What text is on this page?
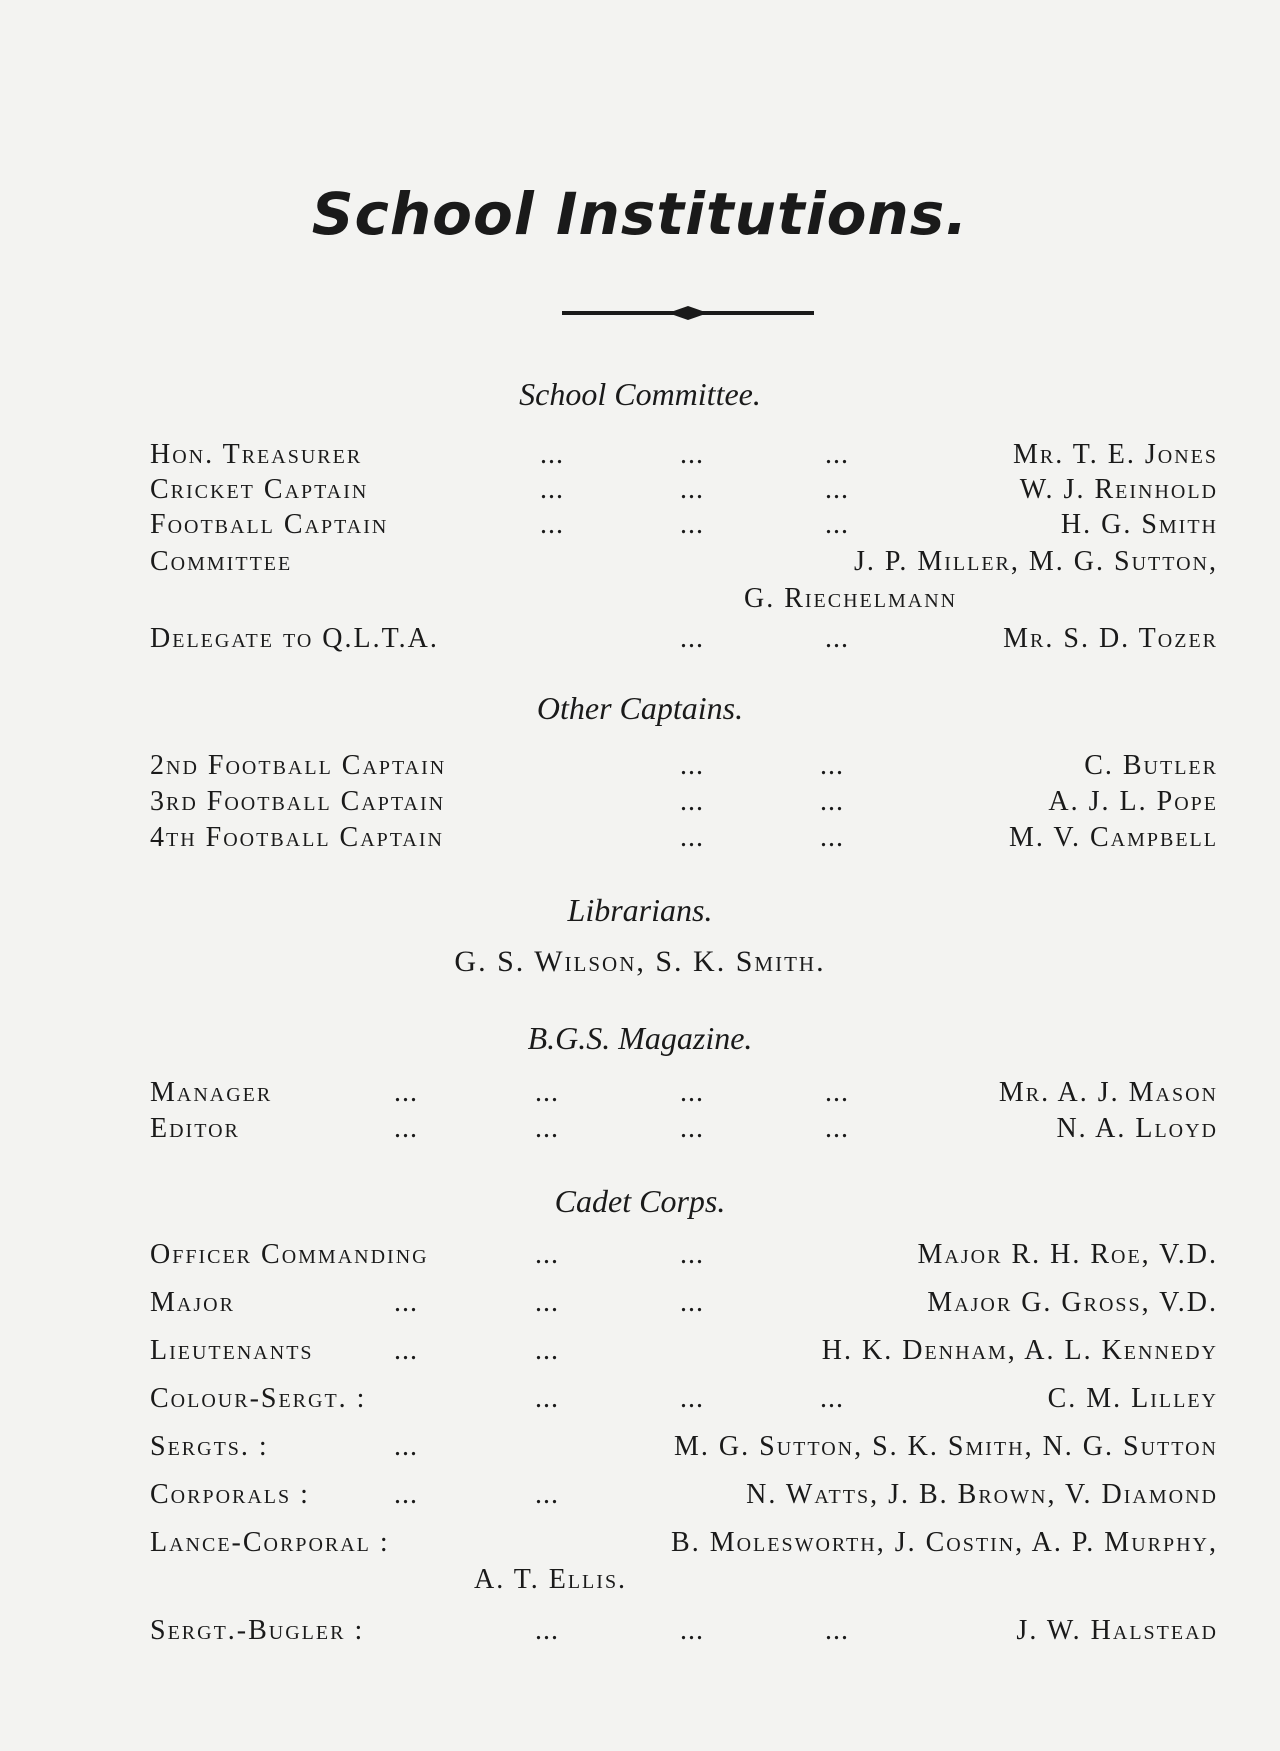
School Institutions.
School Committee.
Hon. Treasurer	...	...	...	Mr. T. E. Jones
Cricket Captain	...	...	...	W. J. Reinhold
Football Captain	...	...	...	H. G. Smith
Committee	J. P. Miller, M. G. Sutton,
G. Riechelmann
Delegate to Q.L.T.A.	...	...	Mr. S. D. Tozer
Other Captains.
2nd Football Captain	...	...	C. Butler
3rd Football Captain	...	...	A. J. L. Pope
4th Football Captain	...	...	M. V. Campbell
Librarians.
G. S. Wilson, S. K. Smith.
B.G.S. Magazine.
Manager	...	...	...	...	Mr. A. J. Mason
Editor	...	...	...	...	N. A. Lloyd
Cadet Corps.
Officer Commanding	...	...	Major R. H. Roe, V.D.
Major	...	...	...	Major G. Gross, V.D.
Lieutenants	...	...	H. K. Denham, A. L. Kennedy
Colour-Sergt. :	...	...	...	C. M. Lilley
Sergts. :	...	M. G. Sutton, S. K. Smith, N. G. Sutton
Corporals :	...	...	N. Watts, J. B. Brown, V. Diamond
Lance-Corporal :	B. Molesworth, J. Costin, A. P. Murphy,
A. T. Ellis.
Sergt.-Bugler :	...	...	...	J. W. Halstead
